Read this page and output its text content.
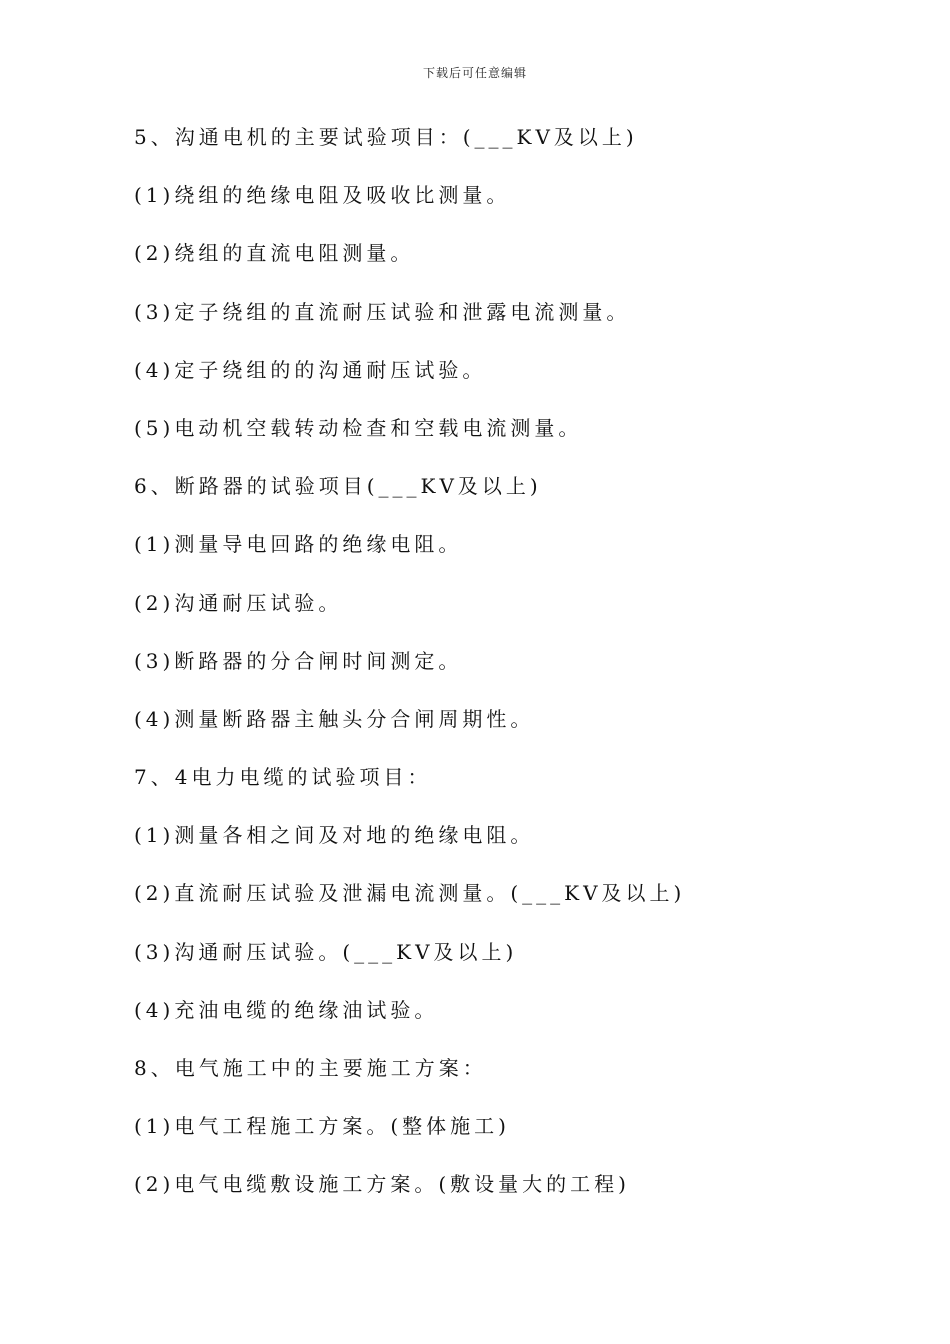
下载后可任意编辑
5、沟通电机的主要试验项目：(___KV及以上)
(1)绕组的绝缘电阻及吸收比测量。
(2)绕组的直流电阻测量。
(3)定子绕组的直流耐压试验和泄露电流测量。
(4)定子绕组的的沟通耐压试验。
(5)电动机空载转动检查和空载电流测量。
6、断路器的试验项目(___KV及以上)
(1)测量导电回路的绝缘电阻。
(2)沟通耐压试验。
(3)断路器的分合闸时间测定。
(4)测量断路器主触头分合闸周期性。
7、4电力电缆的试验项目：
(1)测量各相之间及对地的绝缘电阻。
(2)直流耐压试验及泄漏电流测量。(___KV及以上)
(3)沟通耐压试验。(___KV及以上)
(4)充油电缆的绝缘油试验。
8、电气施工中的主要施工方案：
(1)电气工程施工方案。(整体施工)
(2)电气电缆敷设施工方案。(敷设量大的工程)
